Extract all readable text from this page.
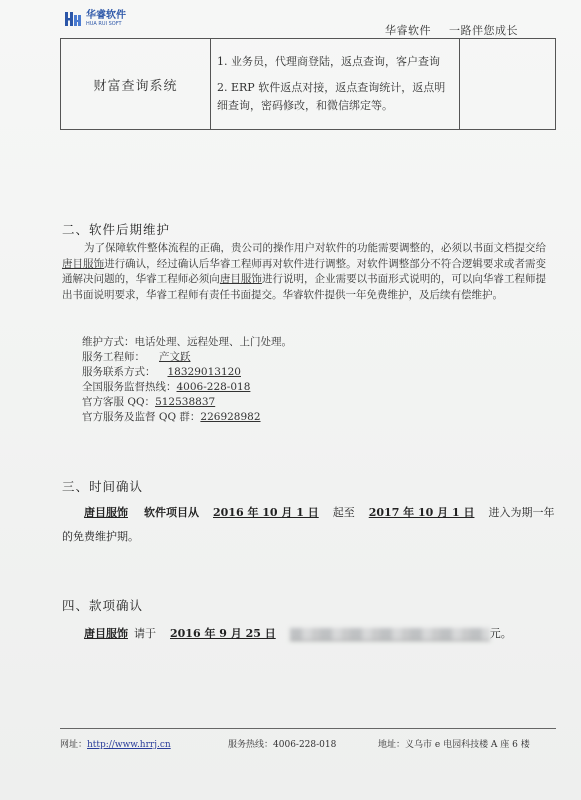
华睿软件
HUA RUI SOFT	华睿软件 一路伴您成长
财富查询系统	

1. 业务员，代理商登陆，返点查询，客户查询

2. ERP 软件返点对接，返点查询统计，返点明细查询，密码修改，和微信绑定等。

二、软件后期维护
为了保障软件整体流程的正确，贵公司的操作用户对软件的功能需要调整的，必须以书面文档提交给唐目服饰进行确认，经过确认后华睿工程师再对软件进行调整。对软件调整部分不符合逻辑要求或者需变通解决问题的，华睿工程师必须向唐目服饰进行说明，企业需要以书面形式说明的，可以向华睿工程师提出书面说明要求，华睿工程师有责任书面提交。华睿软件提供一年免费维护，及后续有偿维护。
维护方式：电话处理、远程处理、上门处理。
服务工程师： 产文跃
服务联系方式： 18329013120
全国服务监督热线：4006-228-018
官方客服 QQ：512538837
官方服务及监督 QQ 群：226928982
三、时间确认
唐目服饰 软件项目从 2016 年 10 月 1 日 起至 2017 年 10 月 1 日 进入为期一年
的免费维护期。
四、款项确认
唐目服饰 请于 2016 年 9 月 25 日	元。
网址：http://www.hrrj.cn	服务热线：4006-228-018	地址：义乌市 e 电园科技楼 A 座 6 楼
